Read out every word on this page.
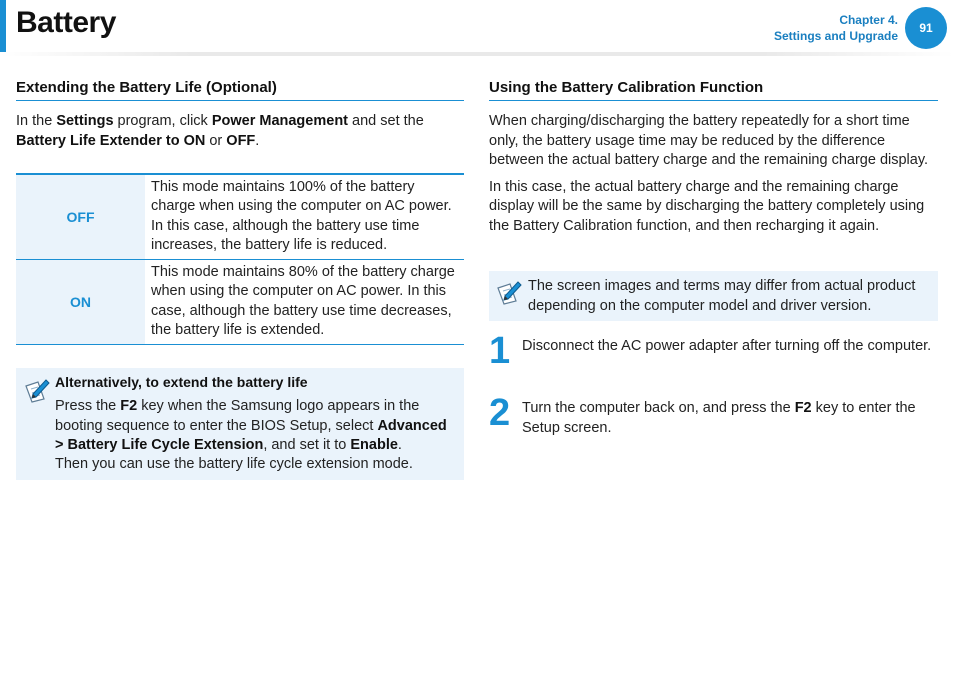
Battery	Chapter 4.
Settings and Upgrade
91
Extending the Battery Life (Optional)

In the Settings program, click Power Management and set the Battery Life Extender to ON or OFF.

OFF	This mode maintains 100% of the battery charge when using the computer on AC power. In this case, although the battery use time increases, the battery life is reduced.
ON	This mode maintains 80% of the battery charge when using the computer on AC power. In this case, although the battery use time decreases, the battery life is extended.
Alternatively, to extend the battery life

Press the F2 key when the Samsung logo appears in the booting sequence to enter the BIOS Setup, select Advanced > Battery Life Cycle Extension, and set it to Enable.
Then you can use the battery life cycle extension mode.

Using the Battery Calibration Function

When charging/discharging the battery repeatedly for a short time only, the battery usage time may be reduced by the difference between the actual battery charge and the remaining charge display.

In this case, the actual battery charge and the remaining charge display will be the same by discharging the battery completely using the Battery Calibration function, and then recharging it again.

The screen images and terms may differ from actual product depending on the computer model and driver version.

1 Disconnect the AC power adapter after turning off the computer.
2 Turn the computer back on, and press the F2 key to enter the Setup screen.
